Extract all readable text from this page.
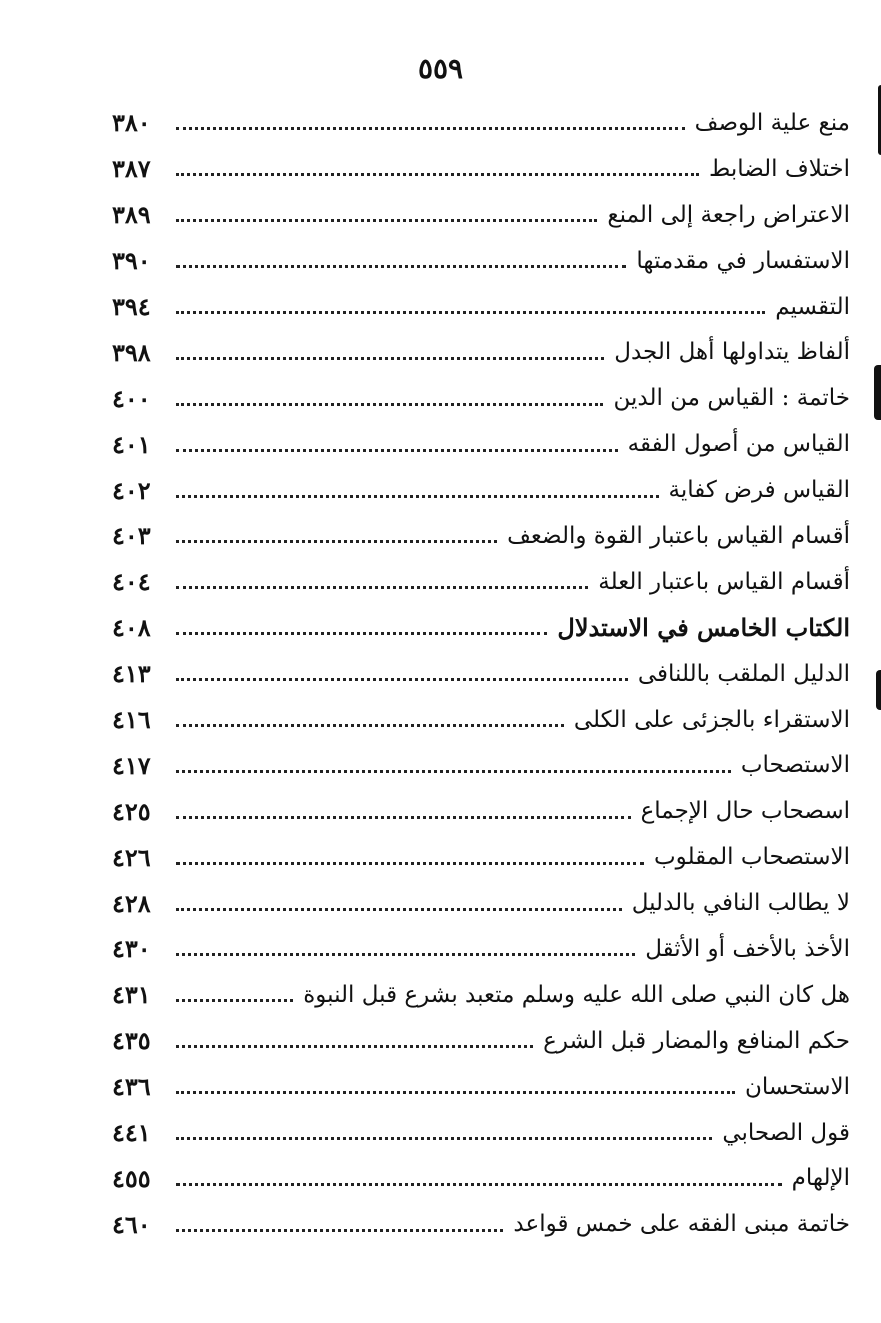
٥٥٩
منع علية الوصف
٣٨٠
اختلاف الضابط
٣٨٧
الاعتراض راجعة إلى المنع
٣٨٩
الاستفسار في مقدمتها
٣٩٠
التقسيم
٣٩٤
ألفاظ يتداولها أهل الجدل
٣٩٨
خاتمة : القياس من الدين
٤٠٠
القياس من أصول الفقه
٤٠١
القياس فرض كفاية
٤٠٢
أقسام القياس باعتبار القوة والضعف
٤٠٣
أقسام القياس باعتبار العلة
٤٠٤
الكتاب الخامس في الاستدلال
٤٠٨
الدليل الملقب باللنافى
٤١٣
الاستقراء بالجزئى على الكلى
٤١٦
الاستصحاب
٤١٧
اسصحاب حال الإجماع
٤٢٥
الاستصحاب المقلوب
٤٢٦
لا يطالب النافي بالدليل
٤٢٨
الأخذ بالأخف أو الأثقل
٤٣٠
هل كان النبي صلى الله عليه وسلم متعبد بشرع قبل النبوة
٤٣١
حكم المنافع والمضار قبل الشرع
٤٣٥
الاستحسان
٤٣٦
قول الصحابي
٤٤١
الإلهام
٤٥٥
خاتمة مبنى الفقه على خمس قواعد
٤٦٠
